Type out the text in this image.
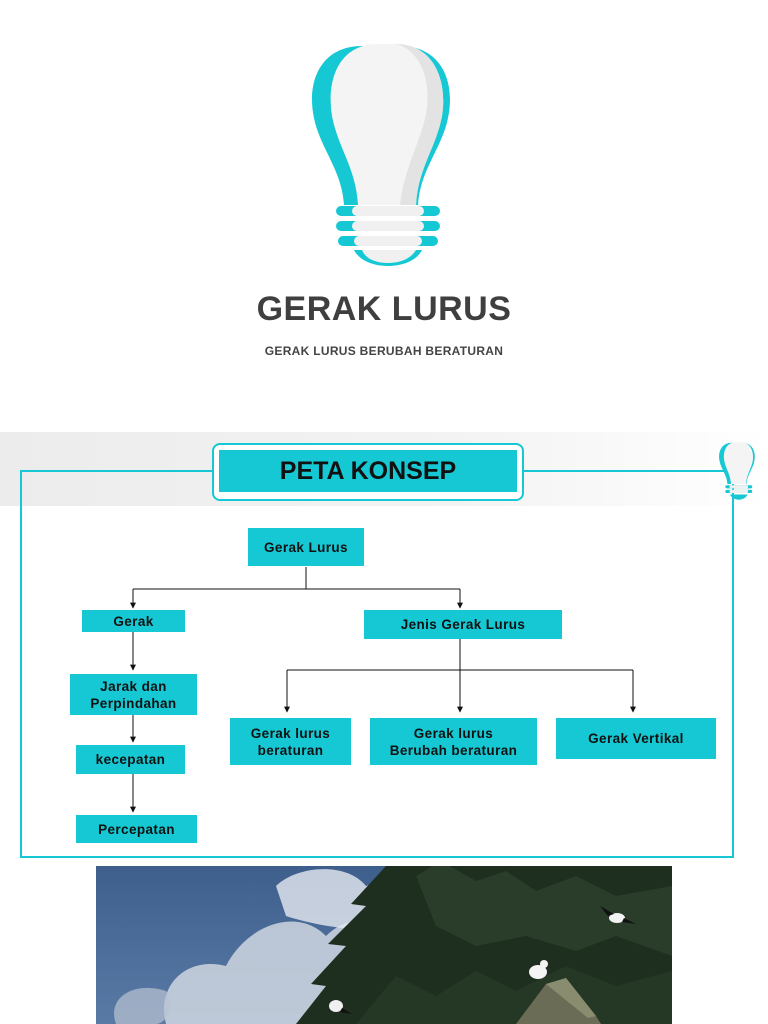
GERAK LURUS
GERAK LURUS BERUBAH BERATURAN
PETA KONSEP
Gerak Lurus
Gerak	Jenis Gerak Lurus
Jarak dan
Perpindahan
kecepatan
Percepatan
Gerak lurus
beraturan
Gerak lurus
Berubah beraturan
Gerak Vertikal
